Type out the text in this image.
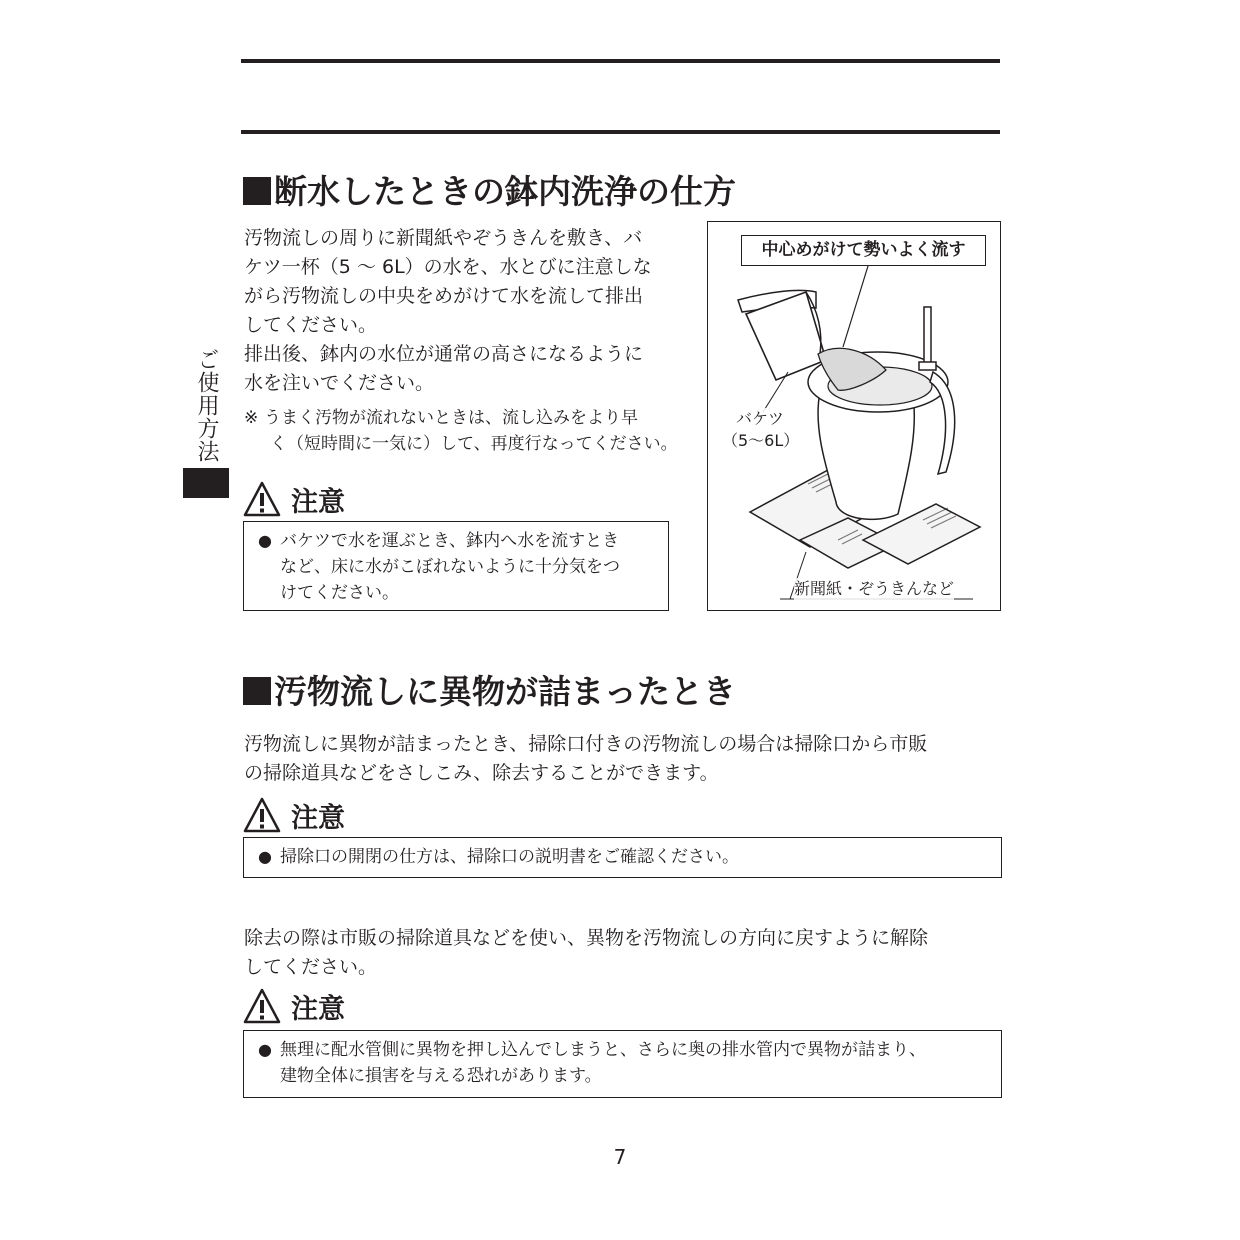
ご使用方法
断水したときの鉢内洗浄の仕方
汚物流しの周りに新聞紙やぞうきんを敷き、バ
ケツ一杯（5 ～ 6L）の水を、水とびに注意しな
がら汚物流しの中央をめがけて水を流して排出
してください。
排出後、鉢内の水位が通常の高さになるように
水を注いでください。
※ うまく汚物が流れないときは、流し込みをより早
く（短時間に一気に）して、再度行なってください。
注意
● バケツで水を運ぶとき、鉢内へ水を流すとき
など、床に水がこぼれないように十分気をつ
けてください。
中心めがけて勢いよく流す
バケツ
（5～6L）
新聞紙・ぞうきんなど
汚物流しに異物が詰まったとき
汚物流しに異物が詰まったとき、掃除口付きの汚物流しの場合は掃除口から市販
の掃除道具などをさしこみ、除去することができます。
注意
● 掃除口の開閉の仕方は、掃除口の説明書をご確認ください。
除去の際は市販の掃除道具などを使い、異物を汚物流しの方向に戻すように解除
してください。
注意
● 無理に配水管側に異物を押し込んでしまうと、さらに奥の排水管内で異物が詰まり、
建物全体に損害を与える恐れがあります。
7
